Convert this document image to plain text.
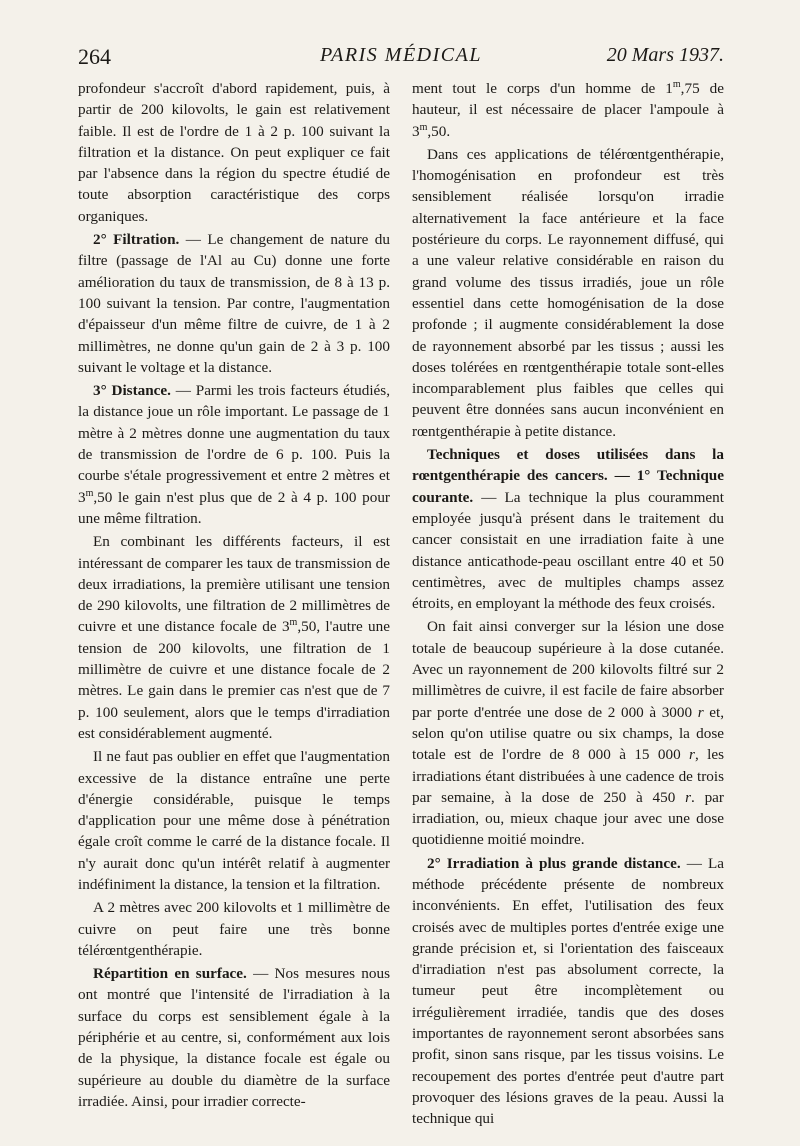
264	PARIS MÉDICAL	20 Mars 1937.

profondeur s'accroît d'abord rapidement, puis, à partir de 200 kilovolts, le gain est relativement faible. Il est de l'ordre de 1 à 2 p. 100 suivant la filtration et la distance. On peut expliquer ce fait par l'absence dans la région du spectre étudié de toute absorption caractéristique des corps organiques.

2° Filtration. — Le changement de nature du filtre (passage de l'Al au Cu) donne une forte amélioration du taux de transmission, de 8 à 13 p. 100 suivant la tension. Par contre, l'augmentation d'épaisseur d'un même filtre de cuivre, de 1 à 2 millimètres, ne donne qu'un gain de 2 à 3 p. 100 suivant le voltage et la distance.

3° Distance. — Parmi les trois facteurs étudiés, la distance joue un rôle important. Le passage de 1 mètre à 2 mètres donne une augmentation du taux de transmission de l'ordre de 6 p. 100. Puis la courbe s'étale progressivement et entre 2 mètres et 3$^m$,50 le gain n'est plus que de 2 à 4 p. 100 pour une même filtration.

En combinant les différents facteurs, il est intéressant de comparer les taux de transmission de deux irradiations, la première utilisant une tension de 290 kilovolts, une filtration de 2 millimètres de cuivre et une distance focale de 3$^m$,50, l'autre une tension de 200 kilovolts, une filtration de 1 millimètre de cuivre et une distance focale de 2 mètres. Le gain dans le premier cas n'est que de 7 p. 100 seulement, alors que le temps d'irradiation est considérablement augmenté.

Il ne faut pas oublier en effet que l'augmentation excessive de la distance entraîne une perte d'énergie considérable, puisque le temps d'application pour une même dose à pénétration égale croît comme le carré de la distance focale. Il n'y aurait donc qu'un intérêt relatif à augmenter indéfiniment la distance, la tension et la filtration.

A 2 mètres avec 200 kilovolts et 1 millimètre de cuivre on peut faire une très bonne télérœntgenthérapie.

Répartition en surface. — Nos mesures nous ont montré que l'intensité de l'irradiation à la surface du corps est sensiblement égale à la périphérie et au centre, si, conformément aux lois de la physique, la distance focale est égale ou supérieure au double du diamètre de la surface irradiée. Ainsi, pour irradier correcte-

ment tout le corps d'un homme de 1$^m$,75 de hauteur, il est nécessaire de placer l'ampoule à 3$^m$,50.

Dans ces applications de télérœntgenthérapie, l'homogénisation en profondeur est très sensiblement réalisée lorsqu'on irradie alternativement la face antérieure et la face postérieure du corps. Le rayonnement diffusé, qui a une valeur relative considérable en raison du grand volume des tissus irradiés, joue un rôle essentiel dans cette homogénisation de la dose profonde ; il augmente considérablement la dose de rayonnement absorbé par les tissus ; aussi les doses tolérées en rœntgenthérapie totale sont-elles incomparablement plus faibles que celles qui peuvent être données sans aucun inconvénient en rœntgenthérapie à petite distance.

Techniques et doses utilisées dans la rœntgenthérapie des cancers. — 1° Technique courante. — La technique la plus couramment employée jusqu'à présent dans le traitement du cancer consistait en une irradiation faite à une distance anticathode-peau oscillant entre 40 et 50 centimètres, avec de multiples champs assez étroits, en employant la méthode des feux croisés.

On fait ainsi converger sur la lésion une dose totale de beaucoup supérieure à la dose cutanée. Avec un rayonnement de 200 kilovolts filtré sur 2 millimètres de cuivre, il est facile de faire absorber par porte d'entrée une dose de 2 000 à 3000 r et, selon qu'on utilise quatre ou six champs, la dose totale est de l'ordre de 8 000 à 15 000 r, les irradiations étant distribuées à une cadence de trois par semaine, à la dose de 250 à 450 r. par irradiation, ou, mieux chaque jour avec une dose quotidienne moitié moindre.

2° Irradiation à plus grande distance. — La méthode précédente présente de nombreux inconvénients. En effet, l'utilisation des feux croisés avec de multiples portes d'entrée exige une grande précision et, si l'orientation des faisceaux d'irradiation n'est pas absolument correcte, la tumeur peut être incomplètement ou irrégulièrement irradiée, tandis que des doses importantes de rayonnement seront absorbées sans profit, sinon sans risque, par les tissus voisins. Le recoupement des portes d'entrée peut d'autre part provoquer des lésions graves de la peau. Aussi la technique qui
